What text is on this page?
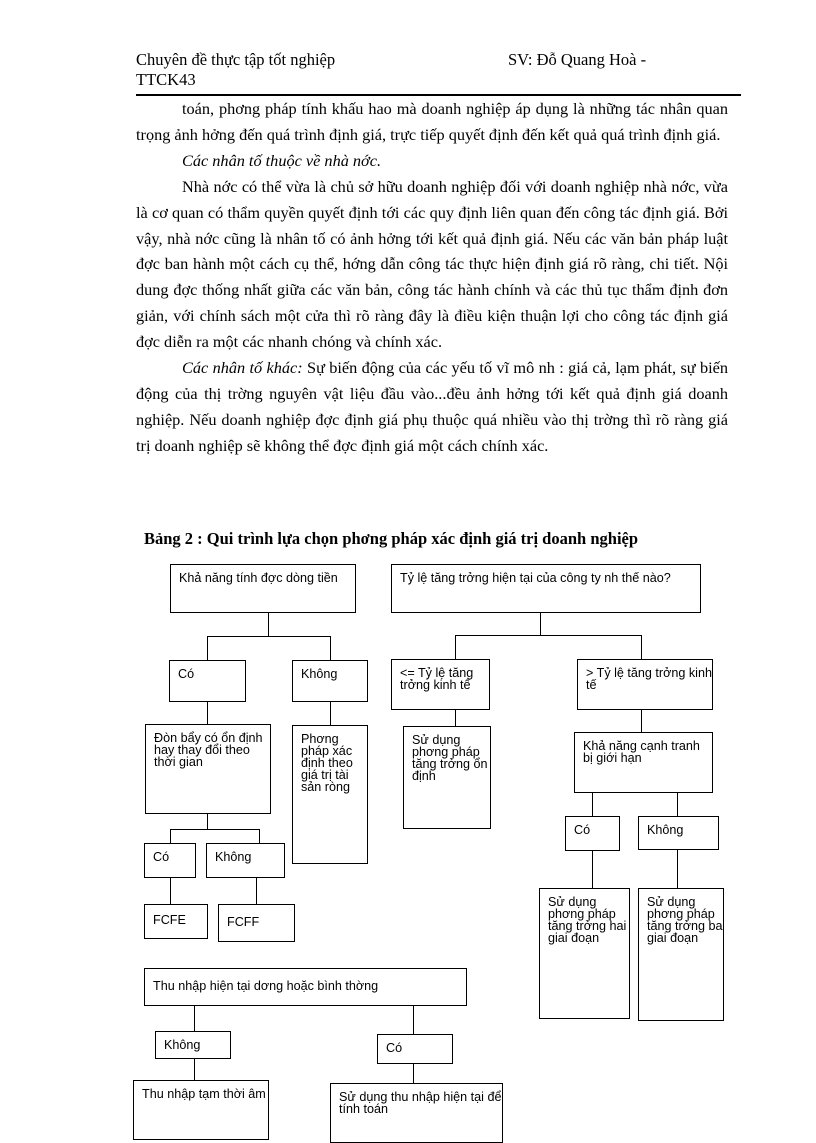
Chuyên đề thực tập tốt nghiệp TTCK43
SV: Đỗ Quang Hoà -

toán, phơng pháp tính khấu hao mà doanh nghiệp áp dụng là những tác nhân quan trọng ảnh hởng đến quá trình định giá, trực tiếp quyết định đến kết quả quá trình định giá.

Các nhân tố thuộc về nhà nớc.

Nhà nớc có thể vừa là chủ sở hữu doanh nghiệp đối với doanh nghiệp nhà nớc, vừa là cơ quan có thẩm quyền quyết định tới các quy định liên quan đến công tác định giá. Bởi vậy, nhà nớc cũng là nhân tố có ảnh hởng tới kết quả định giá. Nếu các văn bản pháp luật đợc ban hành một cách cụ thể, hớng dẫn công tác thực hiện định giá rõ ràng, chi tiết. Nội dung đợc thống nhất giữa các văn bản, công tác hành chính và các thủ tục thẩm định đơn giản, với chính sách một cửa thì rõ ràng đây là điều kiện thuận lợi cho công tác định giá đợc diễn ra một các nhanh chóng và chính xác.

Các nhân tố khác: Sự biến động của các yếu tố vĩ mô nh : giá cả, lạm phát, sự biến động của thị trờng nguyên vật liệu đầu vào...đều ảnh hởng tới kết quả định giá doanh nghiệp. Nếu doanh nghiệp đợc định giá phụ thuộc quá nhiều vào thị trờng thì rõ ràng giá trị doanh nghiệp sẽ không thể đợc định giá một cách chính xác.

Bảng 2 : Qui trình lựa chọn phơng pháp xác định giá trị doanh nghiệp
Khả năng tính đợc dòng tiền	Tỷ lệ tăng trởng hiện tại của công ty nh thế nào?
Có	Không
Đòn bẩy có ổn định hay thay đổi theo thời gian
Phơng pháp xác định theo giá trị tài sản ròng
<= Tỷ lệ tăng trởng kinh tế
> Tỷ lệ tăng trởng kinh tế
Sử dụng phơng pháp tăng trởng ổn định
Khả năng cạnh tranh bị giới hạn
Có	Không
FCFE	FCFF
Có	Không
Sử dụng phơng pháp tăng trởng hai giai đoạn
Sử dụng phơng pháp tăng trởng ba giai đoạn
Thu nhập hiện tại dơng hoặc bình thờng
Không	Có
Thu nhập tạm thời âm	Sử dụng thu nhập hiện tại để tính toán
